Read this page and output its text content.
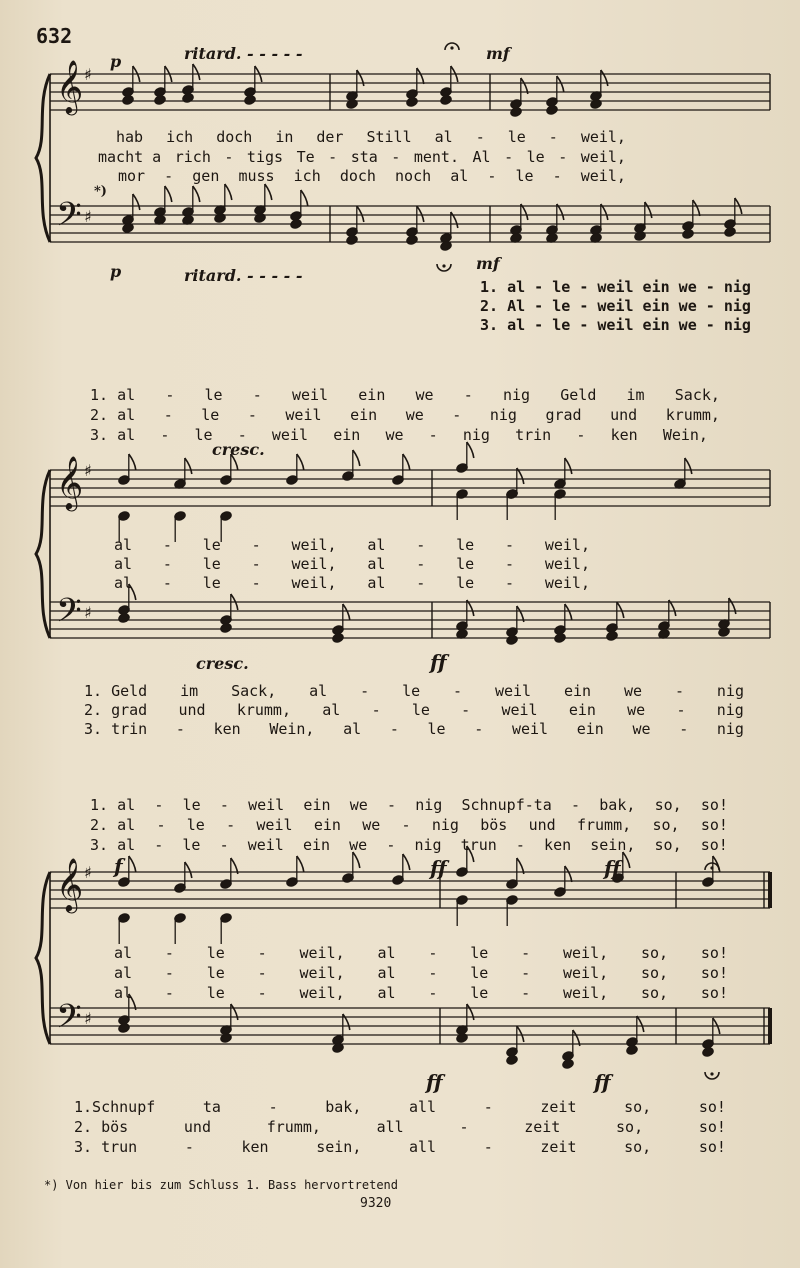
632
𝄞
𝄢
♯
♯
𝄞
𝄢
♯
♯
𝄞
𝄢
♯
♯
p	ritard. - - - - -	mf
hab ich doch in der Still al - le - weil,
macht a rich - tigs Te - sta - ment. Al - le - weil,
mor - gen muss ich doch noch al - le - weil,
*)
p	ritard. - - - - -
mf
1. al - le - weil ein we - nig
2. Al - le - weil ein we - nig
3. al - le - weil ein we - nig
1. al - le - weil ein we - nig Geld im Sack,
2. al - le - weil ein we - nig grad und krumm,
3. al - le - weil ein we - nig trin - ken Wein,
cresc.
al - le - weil, al - le - weil,
al - le - weil, al - le - weil,
al - le - weil, al - le - weil,
cresc.	ff
1. Geld im Sack, al - le - weil ein we - nig
2. grad und krumm, al - le - weil ein we - nig
3. trin - ken Wein, al - le - weil ein we - nig
1. al - le - weil ein we - nig Schnupf-ta - bak, so, so!
2. al - le - weil ein we - nig bös und frumm, so, so!
3. al - le - weil ein we - nig trun - ken sein, so, so!
f	ff	ff
al - le - weil, al - le - weil, so, so!
al - le - weil, al - le - weil, so, so!
al - le - weil, al - le - weil, so, so!
ff	ff
1.Schnupf	ta	-	bak,	all	-	zeit	so,	so!
2. bös	und	frumm,	all	-	zeit	so,	so!
3. trun	-	ken	sein,	all	-	zeit	so,	so!
*) Von hier bis zum Schluss 1. Bass hervortretend
9320
